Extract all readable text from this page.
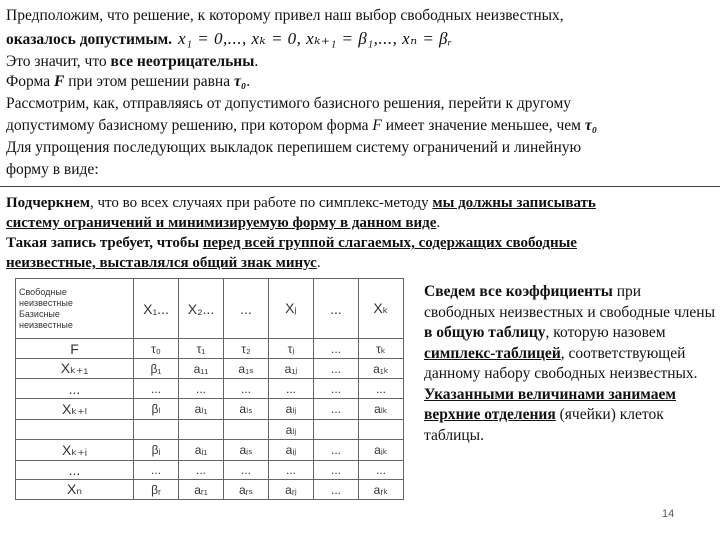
Предположим, что решение, к которому привел наш выбор свободных неизвестных,
оказалось допустимым. x₁ = 0,..., xₖ = 0, xₖ₊₁ = β₁,..., xₙ = βᵣ
Это значит, что все неотрицательны.
Форма F при этом решении равна τ₀.
Рассмотрим, как, отправляясь от допустимого базисного решения, перейти к другому
допустимому базисному решению, при котором форма F имеет значение меньшее, чем τ₀
Для упрощения последующих выкладок перепишем систему ограничений и линейную
форму в виде:
Подчеркнем, что во всех случаях при работе по симплекс-методу мы должны записывать
систему ограничений и минимизируемую форму в данном виде.
Такая запись требует, чтобы перед всей группой слагаемых, содержащих свободные
неизвестные, выставлялся общий знак минус.
Свободные
неизвестные
Базисные
неизвестные	X₁...	X₂...	...	Xⱼ	...	Xₖ
F	τ₀	τ₁	τ₂	τⱼ	...	τₖ
Xₖ₊₁	β₁	a₁₁	a₁ₛ	a₁ⱼ	...	a₁ₖ
...	...	...	...	...	...	...
Xₖ₊ₗ	βₗ	aₗ₁	aₗₛ	aₗⱼ	...	aₗₖ
				aₗⱼ		
Xₖ₊ᵢ	βᵢ	aᵢ₁	aᵢₛ	aᵢⱼ	...	aᵢₖ
...	...	...	...	...	...	...
Xₙ	βᵣ	aᵣ₁	aᵣₛ	aᵣⱼ	...	aᵣₖ
Сведем все коэффициенты при свободных неизвестных и свободные члены в общую таблицу, которую назовем симплекс-таблицей, соответствующей данному набору свободных неизвестных. Указанными величинами занимаем верхние отделения (ячейки) клеток таблицы.
14
